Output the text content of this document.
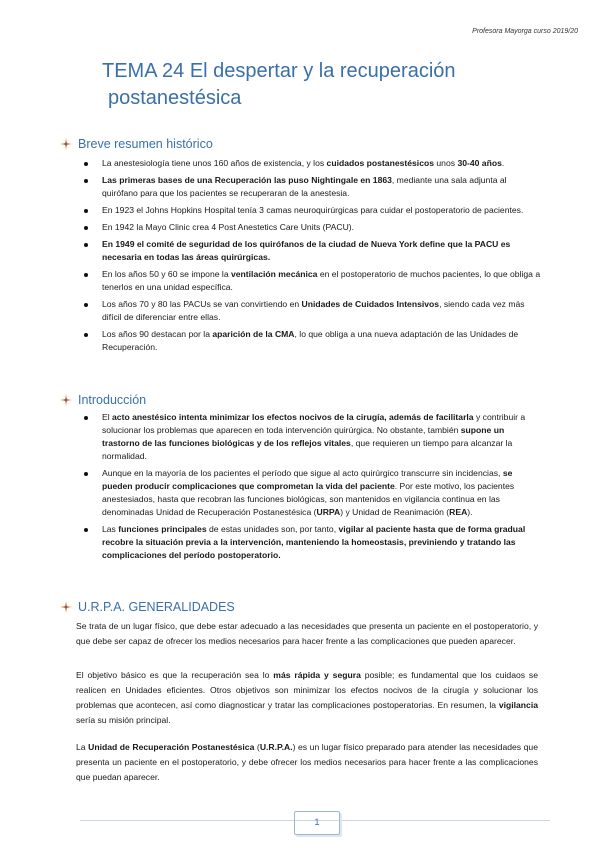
Profesora Mayorga curso 2019/20
TEMA 24 El despertar y la recuperación
postanestésica
Breve resumen histórico
La anestesiología tiene unos 160 años de existencia, y los cuidados postanestésicos unos 30-40 años.
Las primeras bases de una Recuperación las puso Nightingale en 1863, mediante una sala adjunta al quirófano para que los pacientes se recuperaran de la anestesia.
En 1923 el Johns Hopkins Hospital tenía 3 camas neuroquirúrgicas para cuidar el postoperatorio de pacientes.
En 1942 la Mayo Clinic crea 4 Post Anestetics Care Units (PACU).
En 1949 el comité de seguridad de los quirófanos de la ciudad de Nueva York define que la PACU es necesaria en todas las áreas quirúrgicas.
En los años 50 y 60 se impone la ventilación mecánica en el postoperatorio de muchos pacientes, lo que obliga a tenerlos en una unidad específica.
Los años 70 y 80 las PACUs se van convirtiendo en Unidades de Cuidados Intensivos, siendo cada vez más difícil de diferenciar entre ellas.
Los años 90 destacan por la aparición de la CMA, lo que obliga a una nueva adaptación de las Unidades de Recuperación.
Introducción
El acto anestésico intenta minimizar los efectos nocivos de la cirugía, además de facilitarla y contribuir a solucionar los problemas que aparecen en toda intervención quirúrgica. No obstante, también supone un trastorno de las funciones biológicas y de los reflejos vitales, que requieren un tiempo para alcanzar la normalidad.
Aunque en la mayoría de los pacientes el período que sigue al acto quirúrgico transcurre sin incidencias, se pueden producir complicaciones que comprometan la vida del paciente. Por este motivo, los pacientes anestesiados, hasta que recobran las funciones biológicas, son mantenidos en vigilancia continua en las denominadas Unidad de Recuperación Postanestésica (URPA) y Unidad de Reanimación (REA).
Las funciones principales de estas unidades son, por tanto, vigilar al paciente hasta que de forma gradual recobre la situación previa a la intervención, manteniendo la homeostasis, previniendo y tratando las complicaciones del período postoperatorio.
U.R.P.A. GENERALIDADES

Se trata de un lugar físico, que debe estar adecuado a las necesidades que presenta un paciente en el postoperatorio, y que debe ser capaz de ofrecer los medios necesarios para hacer frente a las complicaciones que pueden aparecer.

El objetivo básico es que la recuperación sea lo más rápida y segura posible; es fundamental que los cuidaos se realicen en Unidades eficientes. Otros objetivos son minimizar los efectos nocivos de la cirugía y solucionar los problemas que acontecen, así como diagnosticar y tratar las complicaciones postoperatorias. En resumen, la vigilancia sería su misión principal.

La Unidad de Recuperación Postanestésica (U.R.P.A.) es un lugar físico preparado para atender las necesidades que presenta un paciente en el postoperatorio, y debe ofrecer los medios necesarios para hacer frente a las complicaciones que puedan aparecer.

1
